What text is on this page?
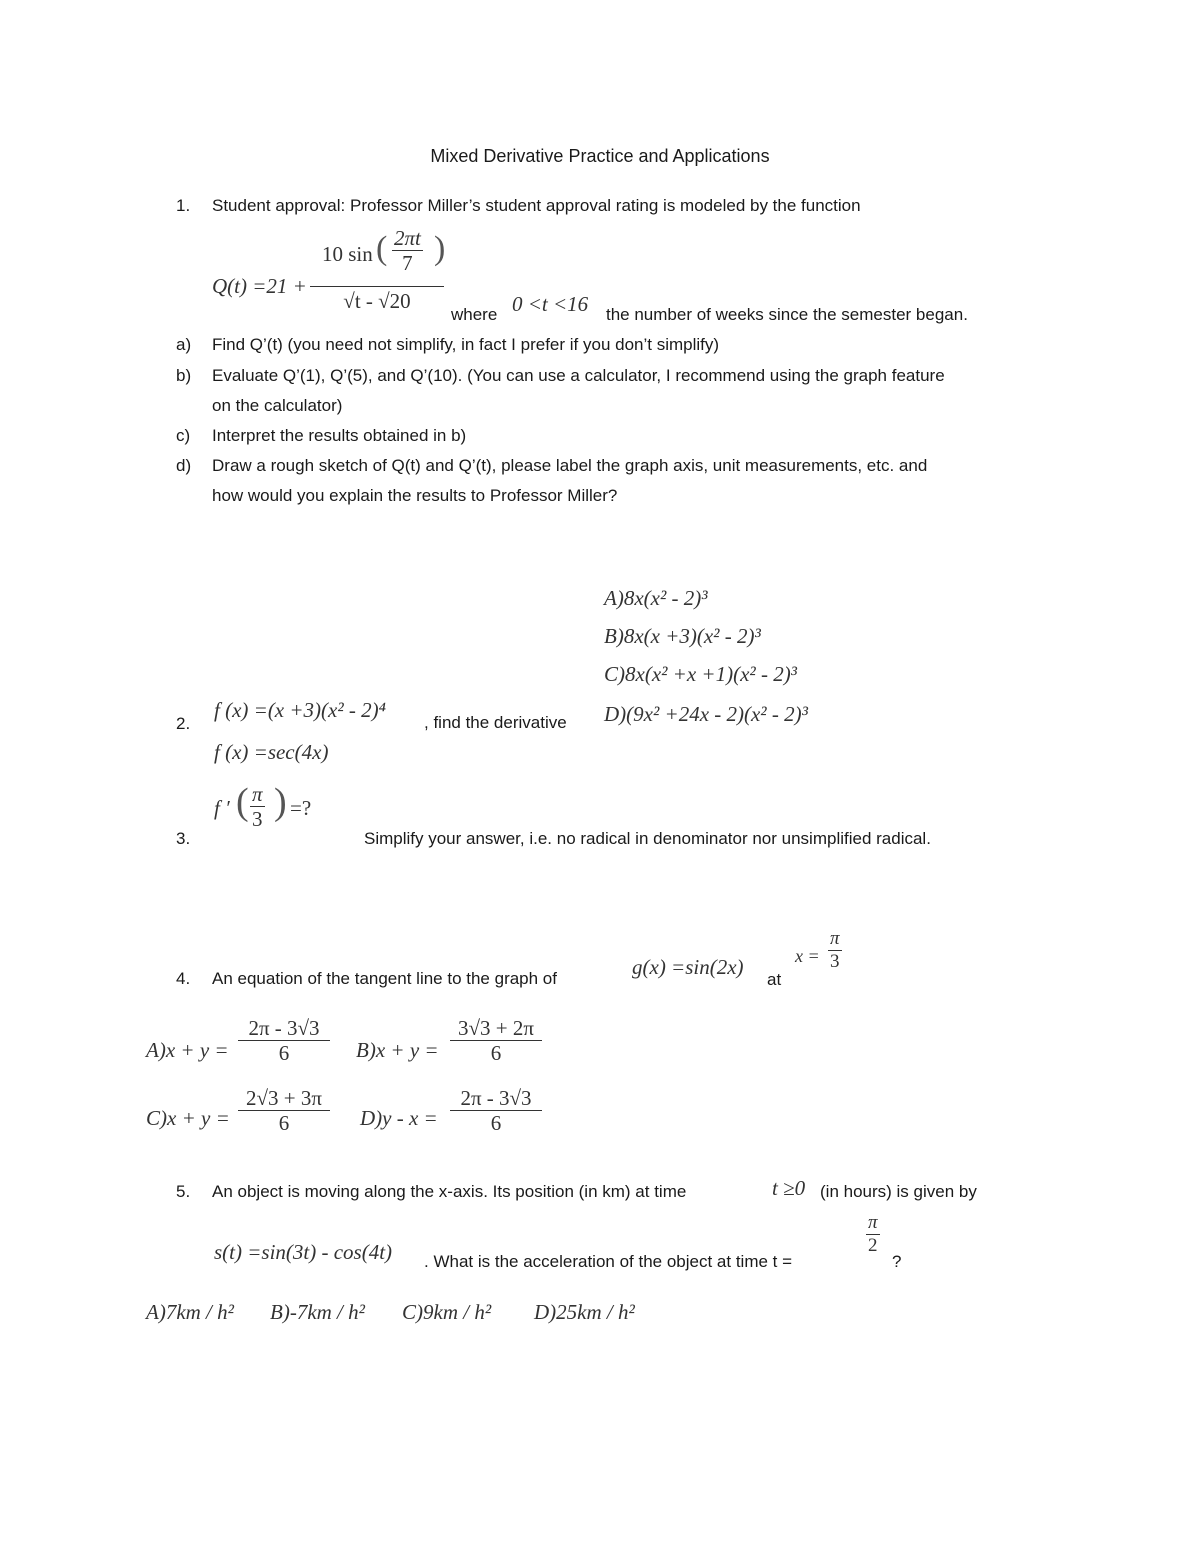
Mixed Derivative Practice and Applications
1. Student approval: Professor Miller’s student approval rating is modeled by the function
Q(t) =21 +
10 sin ( $\frac{2\pi t}{7}$ )
√t - √20
where 0 <t <16 the number of weeks since the semester began.
a) Find Q’(t) (you need not simplify, in fact I prefer if you don’t simplify)
b) Evaluate Q’(1), Q’(5), and Q’(10). (You can use a calculator, I recommend using the graph feature
on the calculator)
c) Interpret the results obtained in b)
d) Draw a rough sketch of Q(t) and Q’(t), please label the graph axis, unit measurements, etc. and
how would you explain the results to Professor Miller?
A)8x(x² - 2)³
B)8x(x +3)(x² - 2)³
C)8x(x² +x +1)(x² - 2)³
D)(9x² +24x - 2)(x² - 2)³
2.
f (x) =(x +3)(x² - 2)⁴
, find the derivative
f (x) =sec(4x)
f ′ ( $\frac{\pi}{3}$ ) =?
3.	Simplify your answer, i.e. no radical in denominator nor unsimplified radical.
4. An equation of the tangent line to the graph of	g(x) =sin(2x)
at
$x = \frac{\pi}{3}$
$A)x + y = \frac{2\pi - 3√3}{6} B)x + y = \frac{3√3 + 2\pi}{6}$
$C)x + y = \frac{2√3 + 3\pi}{6} D)y - x = \frac{2\pi - 3√3}{6}$
5. An object is moving along the x-axis. Its position (in km) at time	t ≥0 (in hours) is given by
s(t) =sin(3t) - cos(4t) . What is the acceleration of the object at time t =
$\frac{\pi}{2}$
?
A)7km / h² B)-7km / h² C)9km / h² D)25km / h²
